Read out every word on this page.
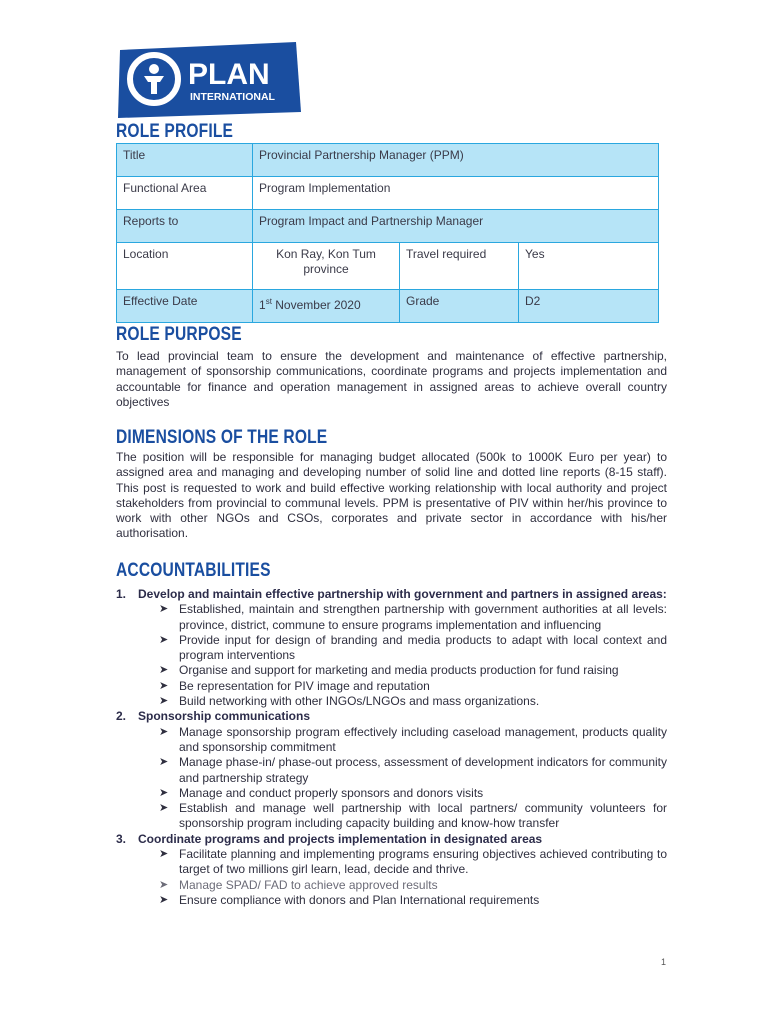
PLAN
INTERNATIONAL
ROLE PROFILE
Title	Provincial Partnership Manager (PPM)		
Functional Area	Program Implementation		
Reports to	Program Impact and Partnership Manager		
Location	Kon Ray, Kon Tum province	Travel required	Yes
Effective Date	1st November 2020	Grade	D2
ROLE PURPOSE
To lead provincial team to ensure the development and maintenance of effective partnership, management of sponsorship communications, coordinate programs and projects implementation and accountable for finance and operation management in assigned areas to achieve overall country objectives
DIMENSIONS OF THE ROLE
The position will be responsible for managing budget allocated (500k to 1000K Euro per year) to assigned area and managing and developing number of solid line and dotted line reports (8-15 staff). This post is requested to work and build effective working relationship with local authority and project stakeholders from provincial to communal levels. PPM is presentative of PIV within her/his province to work with other NGOs and CSOs, corporates and private sector in accordance with his/her authorisation.
ACCOUNTABILITIES
1. Develop and maintain effective partnership with government and partners in assigned areas:
➤ Established, maintain and strengthen partnership with government authorities at all levels: province, district, commune to ensure programs implementation and influencing
➤ Provide input for design of branding and media products to adapt with local context and program interventions
➤ Organise and support for marketing and media products production for fund raising
➤ Be representation for PIV image and reputation
➤ Build networking with other INGOs/LNGOs and mass organizations.
2. Sponsorship communications
➤ Manage sponsorship program effectively including caseload management, products quality and sponsorship commitment
➤ Manage phase-in/ phase-out process, assessment of development indicators for community and partnership strategy
➤ Manage and conduct properly sponsors and donors visits
➤ Establish and manage well partnership with local partners/ community volunteers for sponsorship program including capacity building and know-how transfer
3. Coordinate programs and projects implementation in designated areas
➤ Facilitate planning and implementing programs ensuring objectives achieved contributing to target of two millions girl learn, lead, decide and thrive.
➤ Manage SPAD/ FAD to achieve approved results
➤ Ensure compliance with donors and Plan International requirements
1
